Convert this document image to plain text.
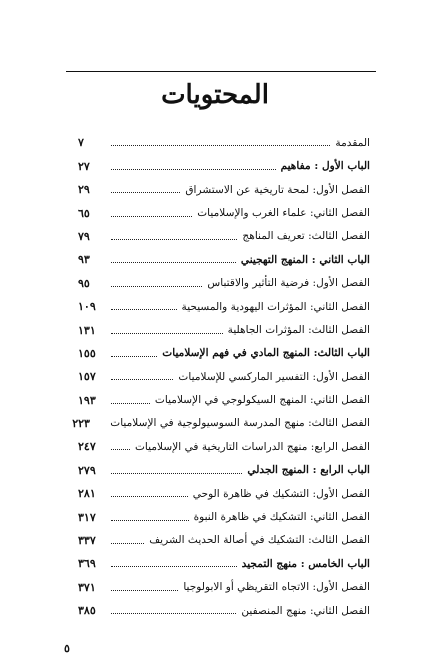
المحتويات
المقدمة
٧
الباب الأول : مفاهيم
٢٧
الفصل الأول: لمحة تاريخية عن الاستشراق
٢٩
الفصل الثاني: علماء الغرب والإسلاميات
٦٥
الفصل الثالث: تعريف المناهج
٧٩
الباب الثاني : المنهج التهجيني
٩٣
الفصل الأول: فرضية التأثير والاقتباس
٩٥
الفصل الثاني: المؤثرات اليهودية والمسيحية
١٠٩
الفصل الثالث: المؤثرات الجاهلية
١٣١
الباب الثالث: المنهج المادي في فهم الإسلاميات
١٥٥
الفصل الأول: التفسير الماركسي للإسلاميات
١٥٧
الفصل الثاني: المنهج السيكولوجي في الإسلاميات
١٩٣
الفصل الثالث: منهج المدرسة السوسيولوجية في الإسلاميات
٢٢٣
الفصل الرابع: منهج الدراسات التاريخية في الإسلاميات
٢٤٧
الباب الرابع : المنهج الجدلي
٢٧٩
الفصل الأول: التشكيك في ظاهرة الوحي
٢٨١
الفصل الثاني: التشكيك في ظاهرة النبوة
٣١٧
الفصل الثالث: التشكيك في أصالة الحديث الشريف
٣٣٧
الباب الخامس : منهج التمجيد
٣٦٩
الفصل الأول: الاتجاه التقريظي أو الابولوجيا
٣٧١
الفصل الثاني: منهج المنصفين
٣٨٥
٥
